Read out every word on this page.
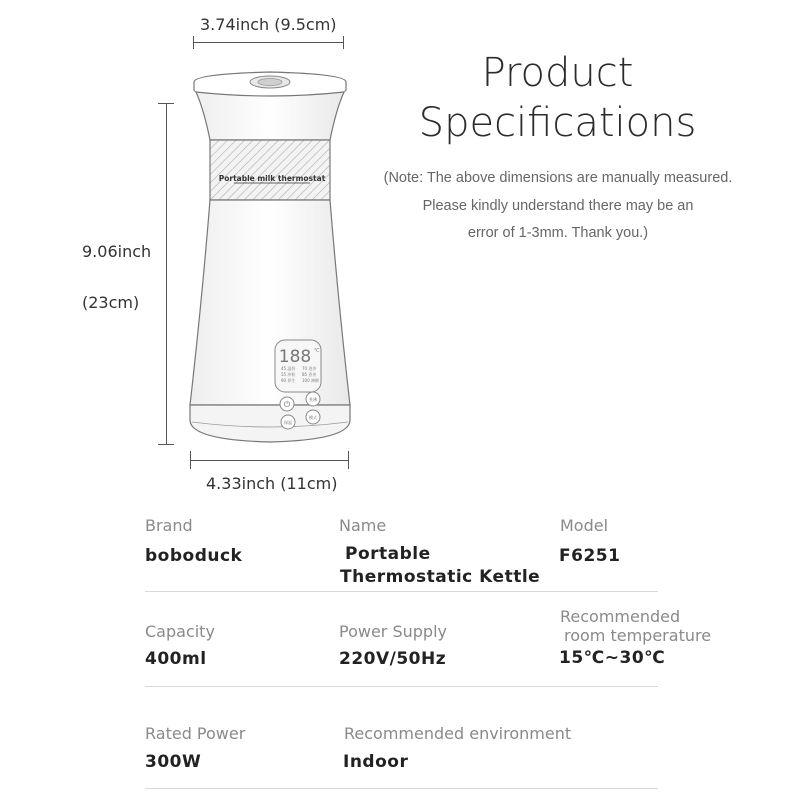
3.74inch (9.5cm)
9.06inch
(23cm)
4.33inch (11cm)
Portable milk thermostat
188 ℃
45 温奶
55 冲粉
90 养生
70 泡茶
85 煮茶
100 沸腾
⏻
煮沸
保温
模式
Product
Specifications
(Note: The above dimensions are manually measured.
Please kindly understand there may be an
error of 1-3mm. Thank you.)
Brand
boboduck
Name
Portable
Thermostatic Kettle
Model
F6251
Capacity
400ml
Power Supply
220V/50Hz
Recommended
room temperature
15℃~30℃
Rated Power
300W
Recommended environment
Indoor
